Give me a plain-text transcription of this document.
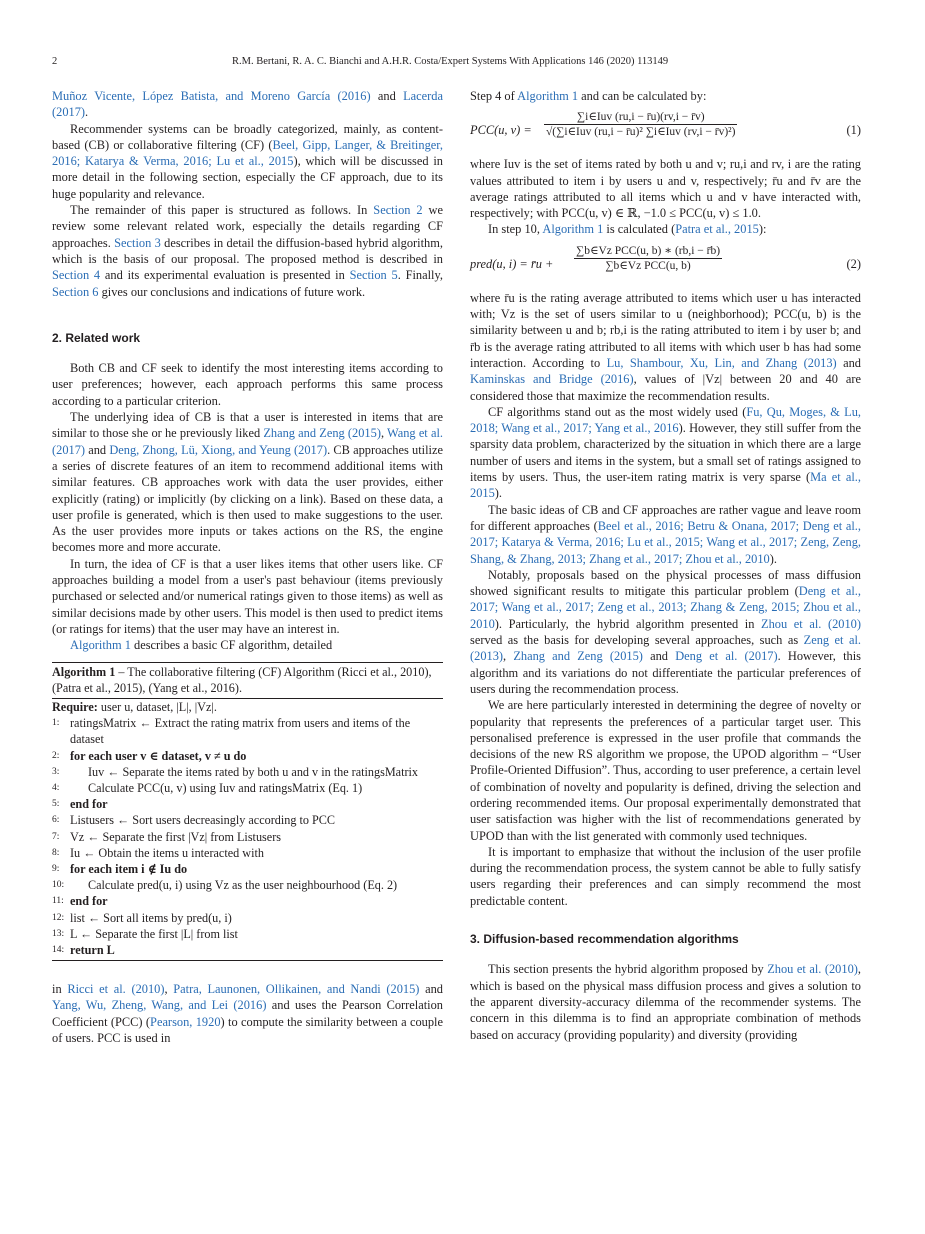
2	R.M. Bertani, R. A. C. Bianchi and A.H.R. Costa/Expert Systems With Applications 146 (2020) 113149

Muñoz Vicente, López Batista, and Moreno García (2016) and Lacerda (2017).

Recommender systems can be broadly categorized, mainly, as content-based (CB) or collaborative filtering (CF) (Beel, Gipp, Langer, & Breitinger, 2016; Katarya & Verma, 2016; Lu et al., 2015), which will be discussed in more detail in the following section, especially the CF approach, due to its huge popularity and relevance.

The remainder of this paper is structured as follows. In Section 2 we review some relevant related work, especially the details regarding CF approaches. Section 3 describes in detail the diffusion-based hybrid algorithm, which is the basis of our proposal. The proposed method is described in Section 4 and its experimental evaluation is presented in Section 5. Finally, Section 6 gives our conclusions and indications of future work.

2. Related work

Both CB and CF seek to identify the most interesting items according to user preferences; however, each approach performs this same process according to a particular criterion.

The underlying idea of CB is that a user is interested in items that are similar to those she or he previously liked Zhang and Zeng (2015), Wang et al. (2017) and Deng, Zhong, Lü, Xiong, and Yeung (2017). CB approaches utilize a series of discrete features of an item to recommend additional items with similar features. CB approaches work with data the user provides, either explicitly (rating) or implicitly (by clicking on a link). Based on these data, a user profile is generated, which is then used to make suggestions to the user. As the user provides more inputs or takes actions on the RS, the engine becomes more and more accurate.

In turn, the idea of CF is that a user likes items that other users like. CF approaches building a model from a user's past behaviour (items previously purchased or selected and/or numerical ratings given to those items) as well as similar decisions made by other users. This model is then used to predict items (or ratings for items) that the user may have an interest in.

Algorithm 1 describes a basic CF algorithm, detailed

Algorithm 1 – The collaborative filtering (CF) Algorithm (Ricci et al., 2010), (Patra et al., 2015), (Yang et al., 2016).
Require: user u, dataset, |L|, |Vz|.
1: ratingsMatrix ← Extract the rating matrix from users and items of the dataset
2: for each user v ∈ dataset, v ≠ u do
3: Iuv ← Separate the items rated by both u and v in the ratingsMatrix
4: Calculate PCC(u, v) using Iuv and ratingsMatrix (Eq. 1)
5: end for
6: Listusers ← Sort users decreasingly according to PCC
7: Vz ← Separate the first |Vz| from Listusers
8: Iu ← Obtain the items u interacted with
9: for each item i ∉ Iu do
10: Calculate pred(u, i) using Vz as the user neighbourhood (Eq. 2)
11: end for
12: list ← Sort all items by pred(u, i)
13: L ← Separate the first |L| from list
14: return L

in Ricci et al. (2010), Patra, Launonen, Ollikainen, and Nandi (2015) and Yang, Wu, Zheng, Wang, and Lei (2016) and uses the Pearson Correlation Coefficient (PCC) (Pearson, 1920) to compute the similarity between a couple of users. PCC is used in

Step 4 of Algorithm 1 and can be calculated by:

PCC(u, v) =
∑i∈Iuv (ru,i − r̄u)(rv,i − r̄v)
√(∑i∈Iuv (ru,i − r̄u)² ∑i∈Iuv (rv,i − r̄v)²)	(1)

where Iuv is the set of items rated by both u and v; ru,i and rv, i are the rating values attributed to item i by users u and v, respectively; r̄u and r̄v are the average ratings attributed to all items which u and v have interacted with, respectively; with PCC(u, v) ∈ ℝ, −1.0 ≤ PCC(u, v) ≤ 1.0.

In step 10, Algorithm 1 is calculated (Patra et al., 2015):

pred(u, i) = r̄u +
∑b∈Vz PCC(u, b) ∗ (rb,i − r̄b)
∑b∈Vz PCC(u, b)	(2)

where r̄u is the rating average attributed to items which user u has interacted with; Vz is the set of users similar to u (neighborhood); PCC(u, b) is the similarity between u and b; rb,i is the rating attributed to item i by user b; and r̄b is the average rating attributed to all items with which user b has had some interaction. According to Lu, Shambour, Xu, Lin, and Zhang (2013) and Kaminskas and Bridge (2016), values of |Vz| between 20 and 40 are considered those that maximize the recommendation results.

CF algorithms stand out as the most widely used (Fu, Qu, Moges, & Lu, 2018; Wang et al., 2017; Yang et al., 2016). However, they still suffer from the sparsity data problem, characterized by the situation in which there are a large number of users and items in the system, but a small set of ratings assigned to items by users. Thus, the user-item rating matrix is very sparse (Ma et al., 2015).

The basic ideas of CB and CF approaches are rather vague and leave room for different approaches (Beel et al., 2016; Betru & Onana, 2017; Deng et al., 2017; Katarya & Verma, 2016; Lu et al., 2015; Wang et al., 2017; Zeng, Zeng, Shang, & Zhang, 2013; Zhang et al., 2017; Zhou et al., 2010).

Notably, proposals based on the physical processes of mass diffusion showed significant results to mitigate this particular problem (Deng et al., 2017; Wang et al., 2017; Zeng et al., 2013; Zhang & Zeng, 2015; Zhou et al., 2010). Particularly, the hybrid algorithm presented in Zhou et al. (2010) served as the basis for developing several approaches, such as Zeng et al. (2013), Zhang and Zeng (2015) and Deng et al. (2017). However, this algorithm and its variations do not differentiate the particular preferences of users during the recommendation process.

We are here particularly interested in determining the degree of novelty or popularity that represents the preferences of a particular target user. This personalised preference is expressed in the user profile that commands the decisions of the new RS algorithm we propose, the UPOD algorithm – “User Profile-Oriented Diffusion”. Thus, according to user preference, a certain level of combination of novelty and popularity is defined, driving the selection and ordering recommended items. Our proposal experimentally demonstrated that user satisfaction was higher with the list of recommendations generated by UPOD than with the list generated with commonly used techniques.

It is important to emphasize that without the inclusion of the user profile during the recommendation process, the system cannot be able to fully satisfy users regarding their preferences and can simply recommend the most predictable content.

3. Diffusion-based recommendation algorithms

This section presents the hybrid algorithm proposed by Zhou et al. (2010), which is based on the physical mass diffusion process and gives a solution to the apparent diversity-accuracy dilemma of the recommender systems. The concern in this dilemma is to find an appropriate combination of methods based on accuracy (providing popularity) and diversity (providing
